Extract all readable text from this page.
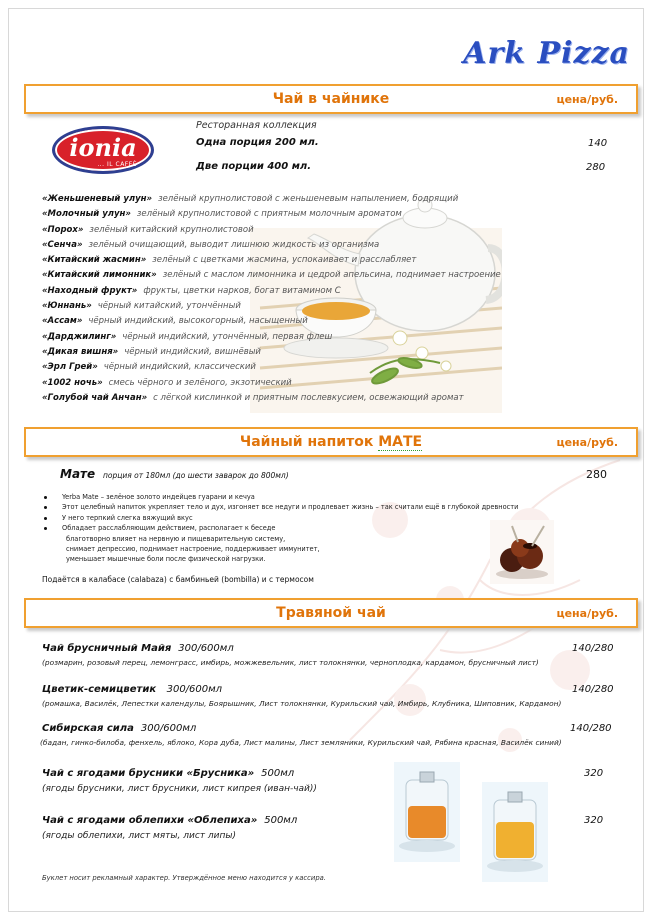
Ark Pizza
Чай в чайнике	цена/руб.
ionia
... IL CAFFÈ
Ресторанная коллекция
Одна порция 200 мл.	140
Две порции 400 мл.	280
«Женьшеневый улун» зелёный крупнолистовой с женьшеневым напылением, бодрящий
«Молочный улун» зелёный крупнолистовой с приятным молочным ароматом
«Порох» зелёный китайский крупнолистовой
«Сенча» зелёный очищающий, выводит лишнюю жидкость из организма
«Китайский жасмин» зелёный с цветками жасмина, успокаивает и расслабляет
«Китайский лимонник» зелёный с маслом лимонника и цедрой апельсина, поднимает настроение
«Находный фрукт» фрукты, цветки нарков, богат витамином С
«Юннань» чёрный китайский, утончённый
«Ассам» чёрный индийский, высокогорный, насыщенный
«Дарджилинг» чёрный индийский, утончённый, первая флеш
«Дикая вишня» чёрный индийский, вишнёвый
«Эрл Грей» чёрный индийский, классический
«1002 ночь» смесь чёрного и зелёного, экзотический
«Голубой чай Анчан» с лёгкой кислинкой и приятным послевкусием, освежающий аромат
Чайный напиток МАТЕ	цена/руб.
Мате порция от 180мл (до шести заварок до 800мл)	280
Yerba Mate – зелёное золото индейцев гуарани и кечуа
Этот целебный напиток укрепляет тело и дух, изгоняет все недуги и продлевает жизнь – так считали ещё в глубокой древности
У него терпкий слегка вяжущий вкус
Обладает расслабляющим действием, располагает к беседе
благотворно влияет на нервную и пищеварительную систему,
снимает депрессию, поднимает настроение, поддерживает иммунитет,
уменьшает мышечные боли после физической нагрузки.
Подаётся в калабасе (calabaza) с бамбиньей (bombilla) и с термосом
Травяной чай	цена/руб.
Чай брусничный Майя 300/600мл	140/280
(розмарин, розовый перец, лемонграсс, имбирь, можжевельник, лист толокнянки, черноплодка, кардамон, брусничный лист)
Цветик-семицветик 300/600мл	140/280
(ромашка, Василёк, Лепестки календулы, Боярышник, Лист толокнянки, Курильский чай, Имбирь, Клубника, Шиповник, Кардамон)
Сибирская сила 300/600мл	140/280
(бадан, гинко-билоба, фенхель, яблоко, Кора дуба, Лист малины, Лист земляники, Курильский чай, Рябина красная, Василёк синий)
Чай с ягодами брусники «Брусника» 500мл	320
(ягоды брусники, лист брусники, лист кипрея (иван-чай))
Чай с ягодами облепихи «Облепиха» 500мл	320
(ягоды облепихи, лист мяты, лист липы)
Буклет носит рекламный характер. Утверждённое меню находится у кассира.
